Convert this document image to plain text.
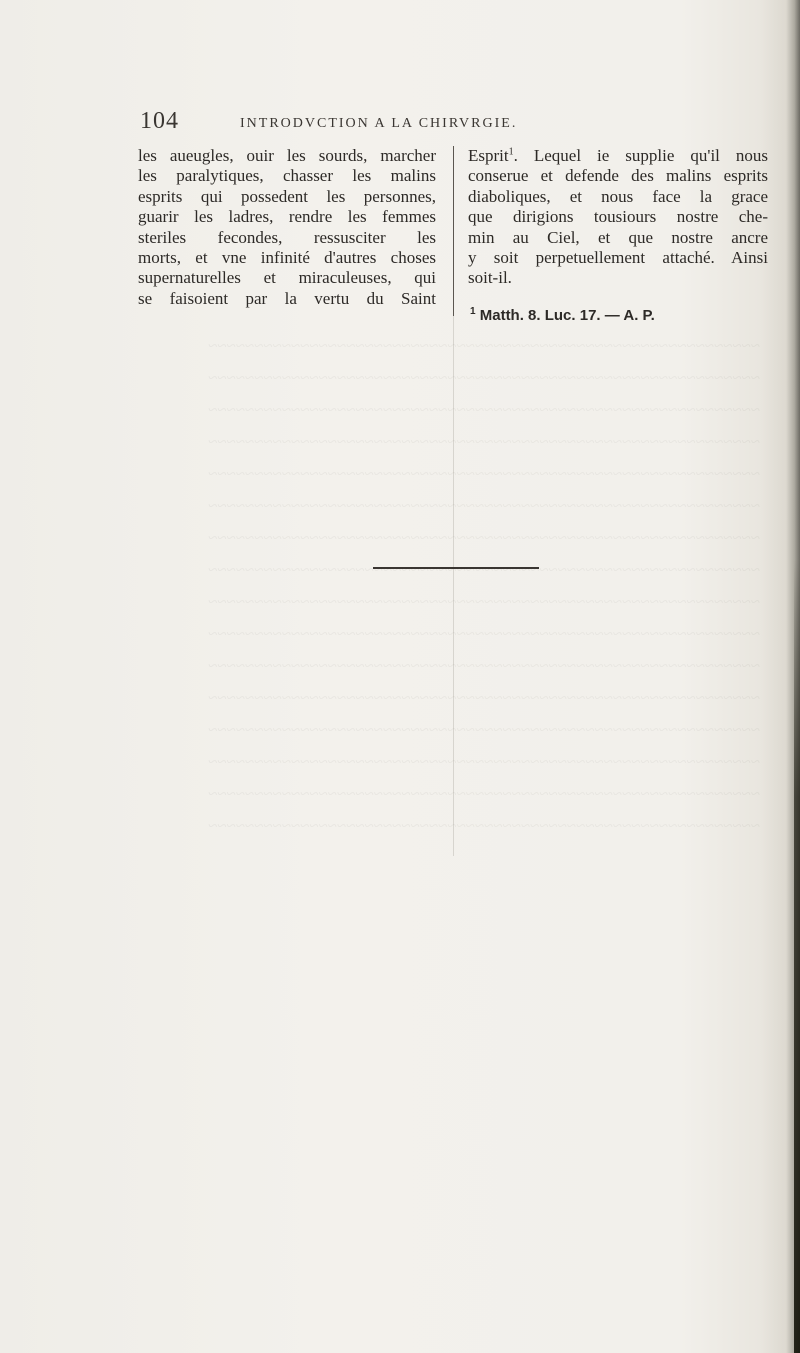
104	INTRODVCTION A LA CHIRVRGIE.
les aueugles, ouir les sourds, marcher
les paralytiques, chasser les malins
esprits qui possedent les personnes,
guarir les ladres, rendre les femmes
steriles fecondes, ressusciter les
morts, et vne infinité d'autres choses
supernaturelles et miraculeuses, qui
se faisoient par la vertu du Saint
Esprit$^1$. Lequel ie supplie qu'il nous
conserue et defende des malins esprits
diaboliques, et nous face la grace
que dirigions tousiours nostre che-
min au Ciel, et que nostre ancre
y soit perpetuellement attaché. Ainsi
soit-il.
$^1$ Matth. 8. Luc. 17. — A. P.
~~~~~~~~~~~~~~~~~~~~~~~~~~~~~~~~~~~~~~~~~~~~~~~~~~~~~~~~~~~~
~~~~~~~~~~~~~~~~~~~~~~~~~~~~~~~~~~~~~~~~~~~~~~~~~~~~~~~~~~~~
~~~~~~~~~~~~~~~~~~~~~~~~~~~~~~~~~~~~~~~~~~~~~~~~~~~~~~~~~~~~
~~~~~~~~~~~~~~~~~~~~~~~~~~~~~~~~~~~~~~~~~~~~~~~~~~~~~~~~~~~~
~~~~~~~~~~~~~~~~~~~~~~~~~~~~~~~~~~~~~~~~~~~~~~~~~~~~~~~~~~~~
~~~~~~~~~~~~~~~~~~~~~~~~~~~~~~~~~~~~~~~~~~~~~~~~~~~~~~~~~~~~
~~~~~~~~~~~~~~~~~~~~~~~~~~~~~~~~~~~~~~~~~~~~~~~~~~~~~~~~~~~~
~~~~~~~~~~~~~~~~~~~~~~~~~~~~~~~~~~~~~~~~~~~~~~~~~~~~~~~~~~~~
~~~~~~~~~~~~~~~~~~~~~~~~~~~~~~~~~~~~~~~~~~~~~~~~~~~~~~~~~~~~
~~~~~~~~~~~~~~~~~~~~~~~~~~~~~~~~~~~~~~~~~~~~~~~~~~~~~~~~~~~~
~~~~~~~~~~~~~~~~~~~~~~~~~~~~~~~~~~~~~~~~~~~~~~~~~~~~~~~~~~~~
~~~~~~~~~~~~~~~~~~~~~~~~~~~~~~~~~~~~~~~~~~~~~~~~~~~~~~~~~~~~
~~~~~~~~~~~~~~~~~~~~~~~~~~~~~~~~~~~~~~~~~~~~~~~~~~~~~~~~~~~~
~~~~~~~~~~~~~~~~~~~~~~~~~~~~~~~~~~~~~~~~~~~~~~~~~~~~~~~~~~~~
~~~~~~~~~~~~~~~~~~~~~~~~~~~~~~~~~~~~~~~~~~~~~~~~~~~~~~~~~~~~
~~~~~~~~~~~~~~~~~~~~~~~~~~~~~~~~~~~~~~~~~~~~~~~~~~~~~~~~~~~~
